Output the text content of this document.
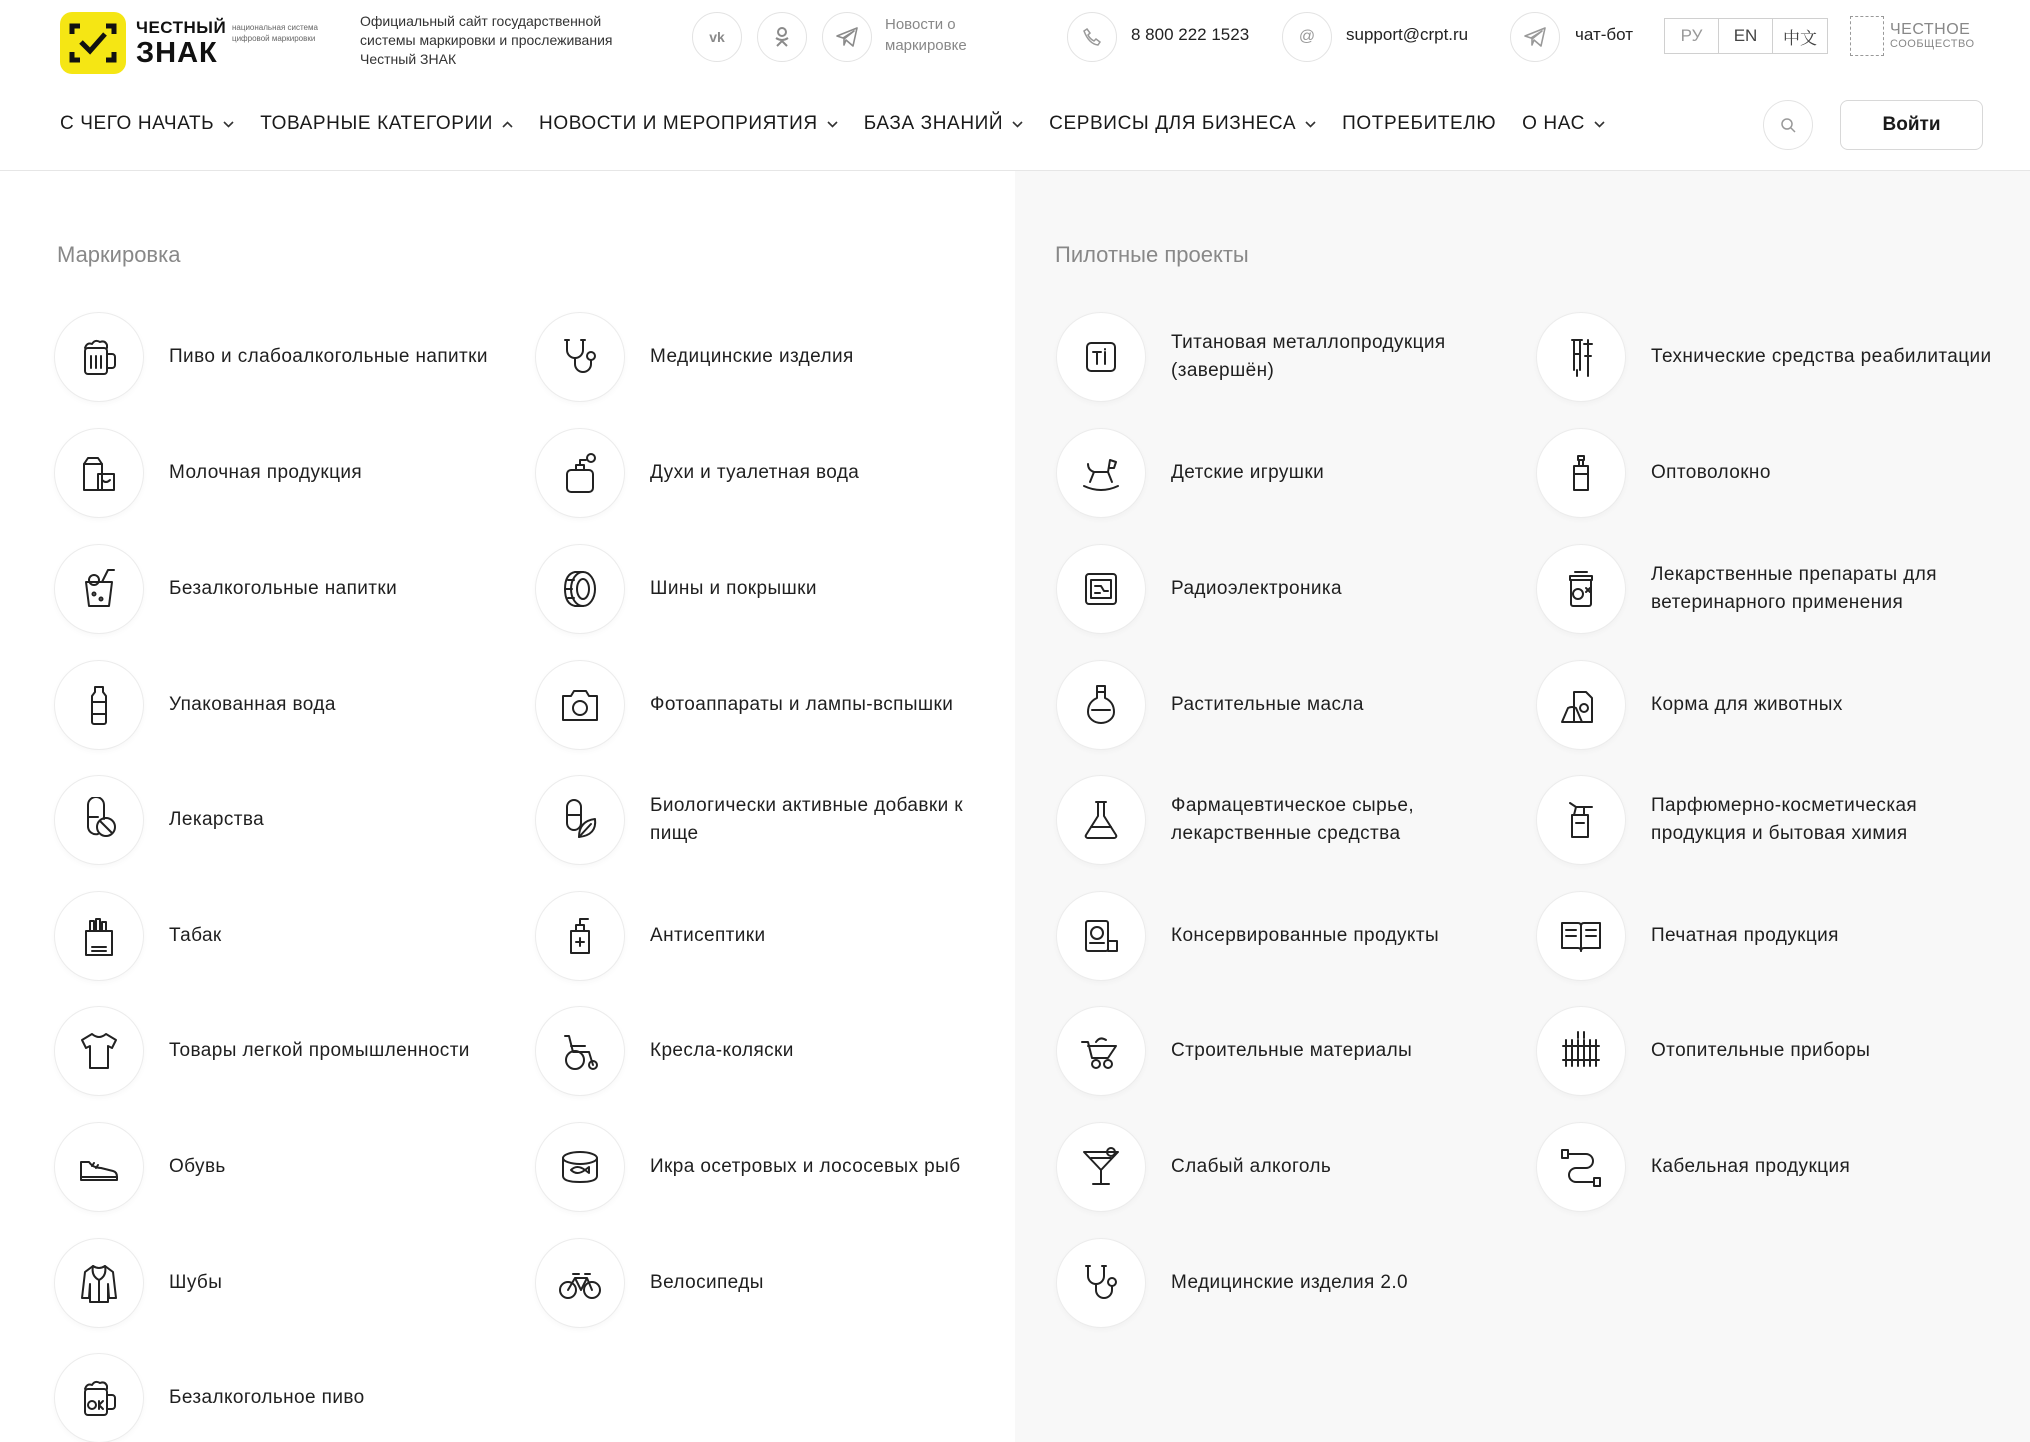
ЧЕСТНЫЙ
ЗНАК
национальная система цифровой маркировки
Официальный сайт государственной системы маркировки и прослеживания Честный ЗНАК
vk
Новости о маркировке
8 800 222 1523	@	support@crpt.ru	чат-бот	РУ	EN	中文	ЧЕСТНОЕ
СООБЩЕСТВО
С ЧЕГО НАЧАТЬ ТОВАРНЫЕ КАТЕГОРИИ НОВОСТИ И МЕРОПРИЯТИЯ БАЗА ЗНАНИЙ СЕРВИСЫ ДЛЯ БИЗНЕСА ПОТРЕБИТЕЛЮ О НАС	Войти
Маркировка	Пилотные проекты
Пиво и слабоалкогольные напитки
Молочная продукция
Безалкогольные напитки
Упакованная вода
Лекарства
Табак
Товары легкой промышленности
Обувь
Шубы
Безалкогольное пиво
Медицинские изделия
Духи и туалетная вода
Шины и покрышки
Фотоаппараты и лампы-вспышки
Биологически активные добавки к пище
Антисептики
Кресла-коляски
Икра осетровых и лососевых рыб
Велосипеды
Титановая металлопродукция (завершён)
Детские игрушки
Радиоэлектроника
Растительные масла
Фармацевтическое сырье, лекарственные средства
Консервированные продукты
Строительные материалы
Слабый алкоголь
Медицинские изделия 2.0
Технические средства реабилитации
Оптоволокно
Лекарственные препараты для ветеринарного применения
Корма для животных
Парфюмерно-косметическая продукция и бытовая химия
Печатная продукция
Отопительные приборы
Кабельная продукция
